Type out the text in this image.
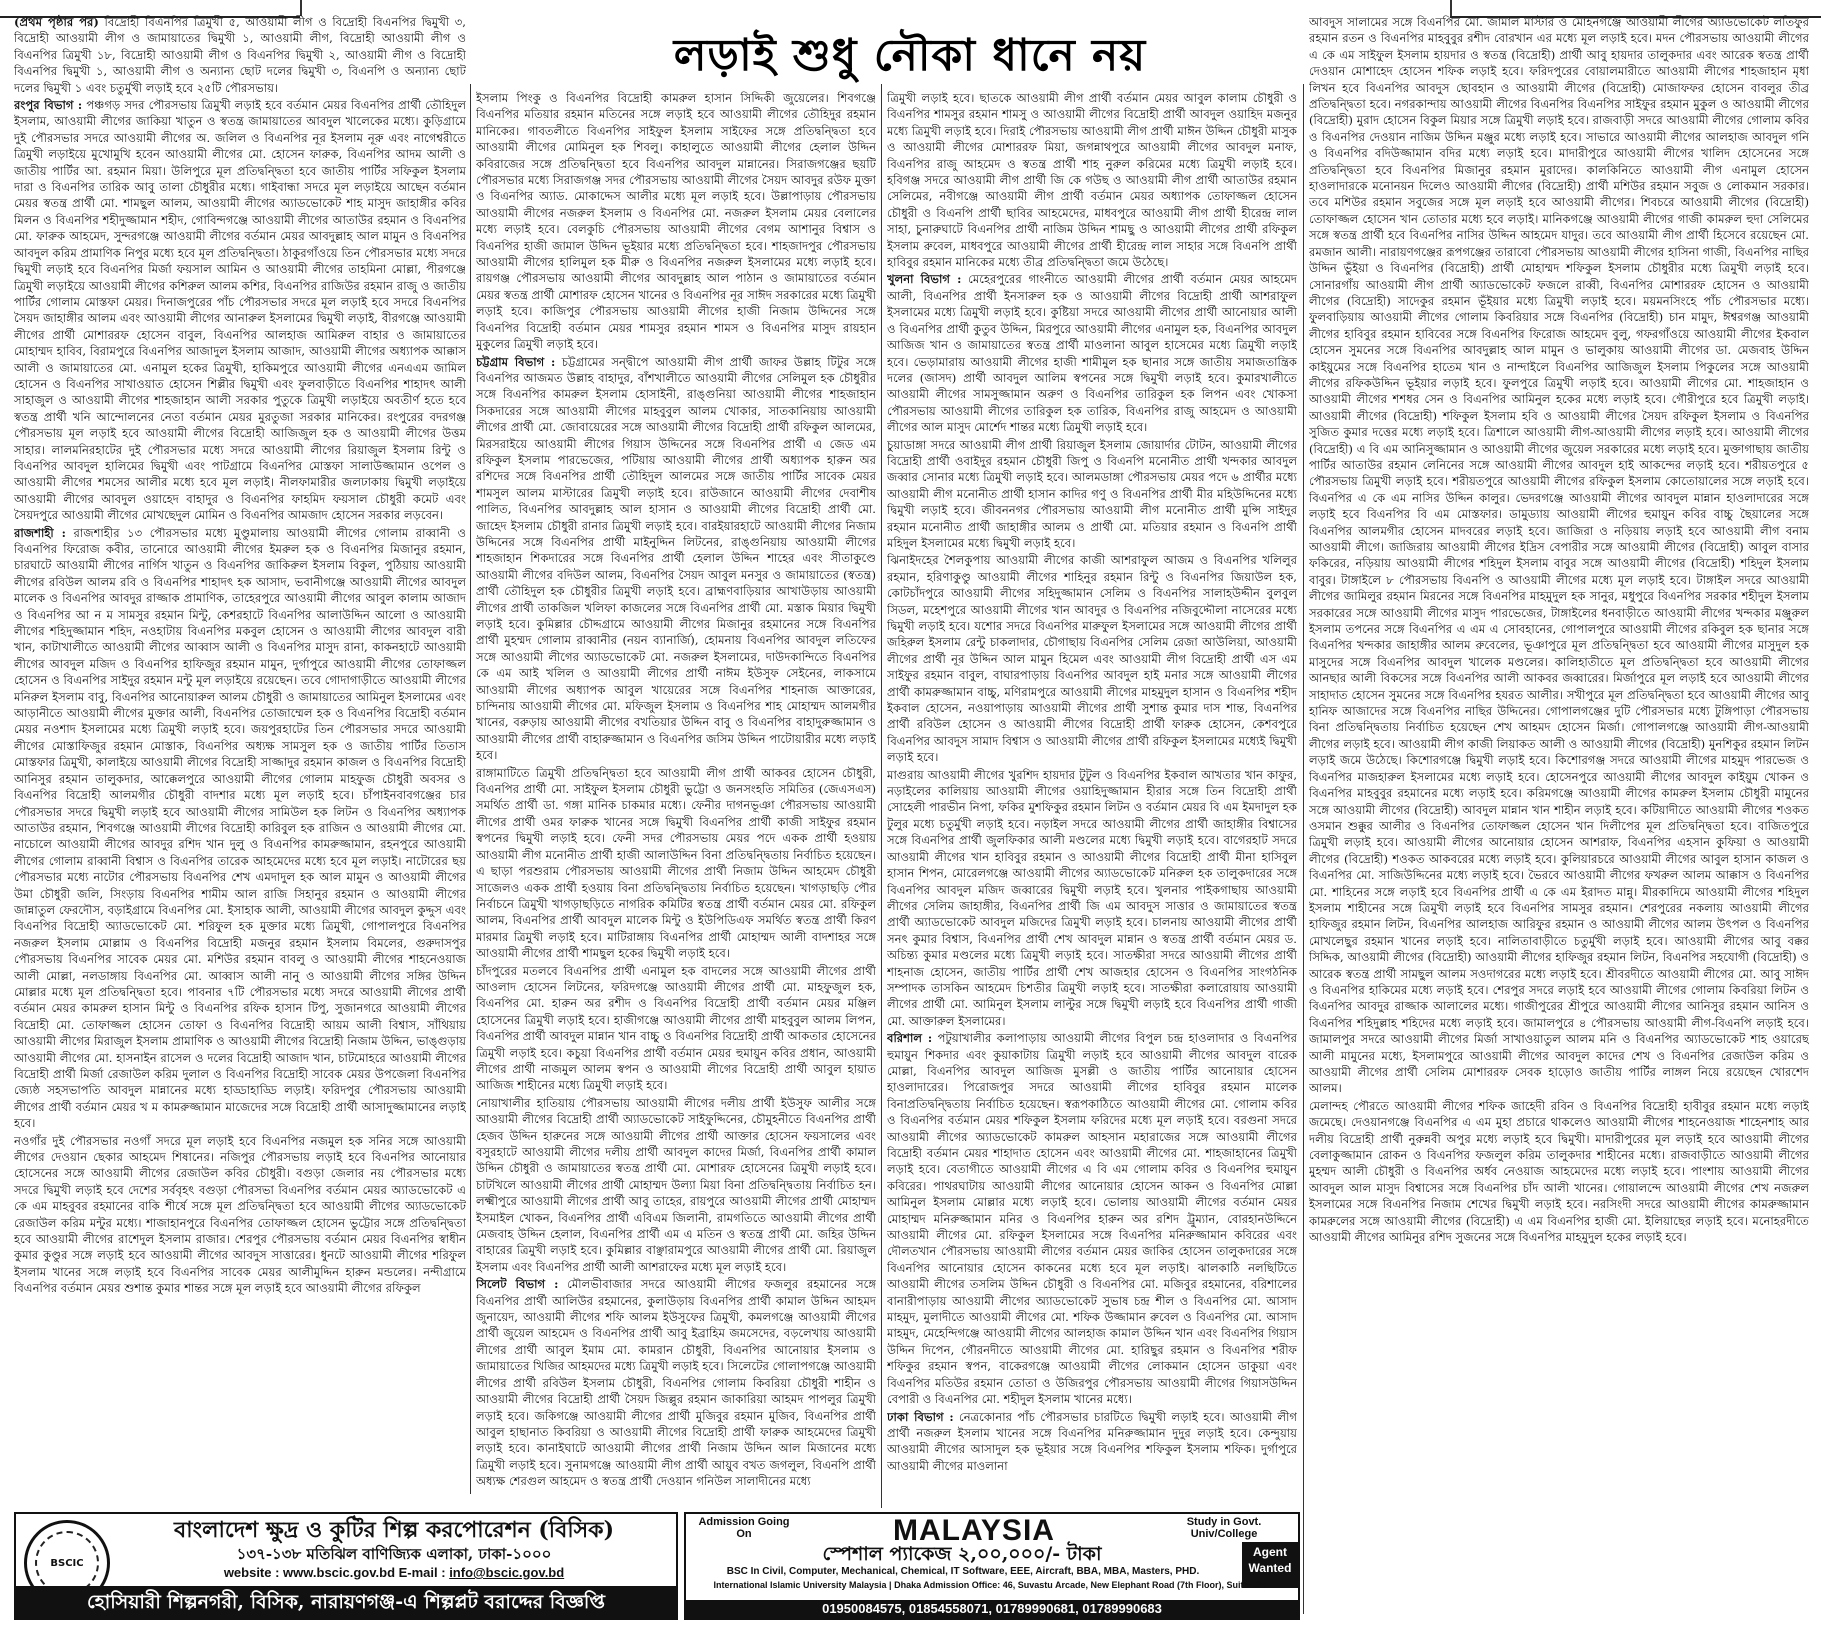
লড়াই শুধু নৌকা ধানে নয়

(প্রথম পৃষ্ঠার পর) বিদ্রোহী বিএনপির ত্রিমুখী ৫, আওয়ামী লীগ ও বিদ্রোহী বিএনপির দ্বিমুখী ৩, বিদ্রোহী আওয়ামী লীগ ও জামায়াতের দ্বিমুখী ১, আওয়ামী লীগ, বিদ্রোহী আওয়ামী লীগ ও বিএনপির ত্রিমুখী ১৮, বিদ্রোহী আওয়ামী লীগ ও বিএনপির দ্বিমুখী ২, আওয়ামী লীগ ও বিদ্রোহী বিএনপির দ্বিমুখী ১, আওয়ামী লীগ ও অন্যান্য ছোট দলের দ্বিমুখী ৩, বিএনপি ও অন্যান্য ছোট দলের দ্বিমুখী ১ এবং চতুর্মুখী লড়াই হবে ২৫টি পৌরসভায়।

রংপুর বিভাগ : পঞ্চগড় সদর পৌরসভায় ত্রিমুখী লড়াই হবে বর্তমান মেয়র বিএনপির প্রার্থী তৌহিদুল ইসলাম, আওয়ামী লীগের জাকিয়া খাতুন ও স্বতন্ত্র জামায়াতের আবদুল খালেকের মধ্যে। কুড়িগ্রামে দুই পৌরসভার সদরে আওয়ামী লীগের অ. জলিল ও বিএনপির নূর ইসলাম নূরু এবং নাগেশ্বরীতে ত্রিমুখী লড়াইয়ে মুখোমুখি হবেন আওয়ামী লীগের মো. হোসেন ফারুক, বিএনপির আদম আলী ও জাতীয় পার্টির আ. রহমান মিয়া। উলিপুরে মূল প্রতিদ্বন্দ্বিতা হবে জাতীয় পার্টির সফিকুল ইসলাম দারা ও বিএনপির তারিক আবু তালা চৌধুরীর মধ্যে। গাইবান্ধা সদরে মূল লড়াইয়ে আছেন বর্তমান মেয়র স্বতন্ত্র প্রার্থী মো. শামছুল আলম, আওয়ামী লীগের অ্যাডভোকেট শাহ মাসুদ জাহাঙ্গীর কবির মিলন ও বিএনপির শহীদুজ্জামান শহীদ, গোবিন্দগঞ্জে আওয়ামী লীগের আতাউর রহমান ও বিএনপির মো. ফারুক আহমেদ, সুন্দরগঞ্জে আওয়ামী লীগের বর্তমান মেয়র আবদুল্লাহ আল মামুন ও বিএনপির আবদুল করিম প্রামাণিক নিপুর মধ্যে হবে মূল প্রতিদ্বন্দ্বিতা। ঠাকুরগাঁওয়ে তিন পৌরসভার মধ্যে সদরে দ্বিমুখী লড়াই হবে বিএনপির মির্জা ফয়সাল আমিন ও আওয়ামী লীগের তাহমিনা মোল্লা, পীরগঞ্জে ত্রিমুখী লড়াইয়ে আওয়ামী লীগের কশিরুল আলম কশির, বিএনপির রাজিউর রহমান রাজু ও জাতীয় পার্টির গোলাম মোস্তফা মেয়র। দিনাজপুরের পাঁচ পৌরসভার সদরে মূল লড়াই হবে সদরে বিএনপির সৈয়দ জাহাঙ্গীর আলম এবং আওয়ামী লীগের আনারুল ইসলামের দ্বিমুখী লড়াই, বীরগঞ্জে আওয়ামী লীগের প্রার্থী মোশাররফ হোসেন বাবুল, বিএনপির আলহাজ আমিরুল বাহার ও জামায়াতের মোহাম্মদ হাবিব, বিরামপুরে বিএনপির আজাদুল ইসলাম আজাদ, আওয়ামী লীগের অধ্যাপক আক্কাস আলী ও জামায়াতের মো. এনামুল হকের ত্রিমুখী, হাকিমপুরে আওয়ামী লীগের এনএএম জামিল হোসেন ও বিএনপির সাখাওয়াত হোসেন শিল্লীর দ্বিমুখী এবং ফুলবাড়ীতে বিএনপির শাহাদৎ আলী সাহাজুল ও আওয়ামী লীগের শাহজাহান আলী সরকার পুতুকে ত্রিমুখী লড়াইয়ে অবতীর্ণ হতে হবে স্বতন্ত্র প্রার্থী খনি আন্দোলনের নেতা বর্তমান মেয়র মুরতুজা সরকার মানিকের। রংপুরের বদরগঞ্জ পৌরসভায় মূল লড়াই হবে আওয়ামী লীগের বিদ্রোহী আজিজুল হক ও আওয়ামী লীগের উত্তম সাহার। লালমনিরহাটের দুই পৌরসভার মধ্যে সদরে আওয়ামী লীগের রিয়াজুল ইসলাম রিন্টু ও বিএনপির আবদুল হালিমের দ্বিমুখী এবং পাটগ্রামে বিএনপির মোস্তফা সালাউজ্জামান ওপেল ও আওয়ামী লীগের শমসের আলীর মধ্যে হবে মূল লড়াই। নীলফামারীর জলঢাকায় দ্বিমুখী লড়াইয়ে আওয়ামী লীগের আবদুল ওয়াহেদ বাহাদুর ও বিএনপির ফাহমিদ ফয়সাল চৌধুরী কমেট এবং সৈয়দপুরে আওয়ামী লীগের মোখছেদুল মোমিন ও বিএনপির আমজাদ হোসেন সরকার লড়বেন।

রাজশাহী : রাজশাহীর ১৩ পৌরসভার মধ্যে মুণ্ডুমালায় আওয়ামী লীগের গোলাম রাব্বানী ও বিএনপির ফিরোজ কবীর, তানোরে আওয়ামী লীগের ইমরুল হক ও বিএনপির মিজানুর রহমান, চারঘাটে আওয়ামী লীগের নার্গিস খাতুন ও বিএনপির জাকিরুল ইসলাম বিকুল, পুঠিয়ায় আওয়ামী লীগের রবিউল আলম রবি ও বিএনপির শাহাদৎ হক আসাদ, ভবানীগঞ্জে আওয়ামী লীগের আবদুল মালেক ও বিএনপির আবদুর রাজ্জাক প্রামাণিক, তাহেরপুরে আওয়ামী লীগের আবুল কালাম আজাদ ও বিএনপির আ ন ম সামসুর রহমান মিন্টু, কেশরহাটে বিএনপির আলাউদ্দিন আলো ও আওয়ামী লীগের শহিদুজ্জামান শহিদ, নওহাটায় বিএনপির মকবুল হোসেন ও আওয়ামী লীগের আবদুল বারী খান, কাটাখালীতে আওয়ামী লীগের আব্বাস আলী ও বিএনপির মাসুদ রানা, কাকনহাটে আওয়ামী লীগের আবদুল মজিদ ও বিএনপির হাফিজুর রহমান মামুন, দুর্গাপুরে আওয়ামী লীগের তোফাজ্জল হোসেন ও বিএনপির সাইদুর রহমান মন্টু মূল লড়াইয়ে রয়েছেন। তবে গোদাগাড়ীতে আওয়ামী লীগের মনিরুল ইসলাম বাবু, বিএনপির আনোয়ারুল আলম চৌধুরী ও জামায়াতের আমিনুল ইসলামের এবং আড়ানীতে আওয়ামী লীগের মুক্তার আলী, বিএনপির তোজাম্মেল হক ও বিএনপির বিদ্রোহী বর্তমান মেয়র নওশাদ ইসলামের মধ্যে ত্রিমুখী লড়াই হবে। জয়পুরহাটের তিন পৌরসভার সদরে আওয়ামী লীগের মোস্তাফিজুর রহমান মোস্তাক, বিএনপির অধ্যক্ষ সামসুল হক ও জাতীয় পার্টির তিতাস মোস্তফার ত্রিমুখী, কালাইয়ে আওয়ামী লীগের বিদ্রোহী সাজ্জাদুর রহমান কাজল ও বিএনপির বিদ্রোহী আনিসুর রহমান তালুকদার, আক্কেলপুরে আওয়ামী লীগের গোলাম মাহফুজ চৌধুরী অবসর ও বিএনপির বিদ্রোহী আলমগীর চৌধুরী বাদশার মধ্যে মূল লড়াই হবে। চাঁপাইনবাবগঞ্জের চার পৌরসভার সদরে দ্বিমুখী লড়াই হবে আওয়ামী লীগের সামিউল হক লিটন ও বিএনপির অধ্যাপক আতাউর রহমান, শিবগঞ্জে আওয়ামী লীগের বিদ্রোহী কারিবুল হক রাজিন ও আওয়ামী লীগের মো. নাচোলে আওয়ামী লীগের আবদুর রশিদ খান দুলু ও বিএনপির কামরুজ্জামান, রহনপুরে আওয়ামী লীগের গোলাম রাব্বানী বিশ্বাস ও বিএনপির তারেক আহমেদের মধ্যে হবে মূল লড়াই। নাটোরের ছয় পৌরসভার মধ্যে নাটোর পৌরসভায় বিএনপির শেখ এমদাদুল হক আল মামুন ও আওয়ামী লীগের উমা চৌধুরী জলি, সিংড়ায় বিএনপির শামীম আল রাজি সিহানুর রহমান ও আওয়ামী লীগের জান্নাতুল ফেরদৌস, বড়াইগ্রামে বিএনপির মো. ইসাহাক আলী, আওয়ামী লীগের আবদুল কুদ্দুস এবং বিএনপির বিদ্রোহী অ্যাডভোকেট মো. শরিফুল হক মুক্তার মধ্যে ত্রিমুখী, গোপালপুরে বিএনপির নজরুল ইসলাম মোল্লাম ও বিএনপির বিদ্রোহী মজনুর রহমান ইসলাম বিমলের, গুরুদাসপুর পৌরসভায় বিএনপির সাবেক মেয়র মো. মশিউর রহমান বাবলু ও আওয়ামী লীগের শাহনেওয়াজ আলী মোল্লা, নলডাঙ্গায় বিএনপির মো. আব্বাস আলী নানু ও আওয়ামী লীগের সঙ্গির উদ্দিন মোল্লার মধ্যে মূল প্রতিদ্বন্দ্বিতা হবে। পাবনার ৭টি পৌরসভার মধ্যে সদরে আওয়ামী লীগের প্রার্থী বর্তমান মেয়র কামরুল হাসান মিন্টু ও বিএনপির রফিক হাসান টিপু, সুজানগরে আওয়ামী লীগের বিদ্রোহী মো. তোফাজ্জল হোসেন তোফা ও বিএনপির বিদ্রোহী আয়ম আলী বিশ্বাস, সাঁথিয়ায় আওয়ামী লীগের মিরাজুল ইসলাম প্রামাণিক ও আওয়ামী লীগের বিদ্রোহী নিজাম উদ্দিন, ভাঙ্গুড়ায় আওয়ামী লীগের মো. হাসনাইন রাসেল ও দলের বিদ্রোহী আজাদ খান, চাটমোহরে আওয়ামী লীগের বিদ্রোহী প্রার্থী মির্জা রেজাউল করিম দুলাল ও বিএনপির বিদ্রোহী সাবেক মেয়র উপজেলা বিএনপির জ্যেষ্ঠ সহসভাপতি আবদুল মান্নানের মধ্যে হাড্ডাহাড্ডি লড়াই। ফরিদপুর পৌরসভায় আওয়ামী লীগের প্রার্থী বর্তমান মেয়র খ ম কামরুজ্জামান মাজেদের সঙ্গে বিদ্রোহী প্রার্থী আসাদুজ্জামানের লড়াই হবে।

নওগাঁর দুই পৌরসভার নওগাঁ সদরে মূল লড়াই হবে বিএনপির নজমুল হক সনির সঙ্গে আওয়ামী লীগের দেওয়ান ছেকার আহমেদ শিষানের। নজিপুর পৌরসভায় লড়াই হবে বিএনপির আনোয়ার হোসেনের সঙ্গে আওয়ামী লীগের রেজাউল কবির চৌধুরী। বগুড়া জেলার নয় পৌরসভার মধ্যে সদরে দ্বিমুখী লড়াই হবে দেশের সর্ববৃহৎ বগুড়া পৌরসভা বিএনপির বর্তমান মেয়র অ্যাডভোকেট এ কে এম মাহবুবর রহমানের বাকি শীর্ষে সঙ্গে মূল প্রতিদ্বন্দ্বিতা হবে আওয়ামী লীগের অ্যাডভোকেট রেজাউল করিম মন্টুর মধ্যে। শাজাহানপুরে বিএনপির তোফাজ্জল হোসেন ভুট্টোর সঙ্গে প্রতিদ্বন্দ্বিতা হবে আওয়ামী লীগের রাশেদুল ইসলাম রাজার। শেরপুর পৌরসভায় বর্তমান মেয়র বিএনপির স্বাধীন কুমার কুণ্ডুর সঙ্গে লড়াই হবে আওয়ামী লীগের আবদুস সাত্তারের। ধুনটে আওয়ামী লীগের শরিফুল ইসলাম খানের সঙ্গে লড়াই হবে বিএনপির সাবেক মেয়র আলীমুদ্দিন হারুন মন্ডলের। নন্দীগ্রামে বিএনপির বর্তমান মেয়র শুশান্ত কুমার শান্তর সঙ্গে মূল লড়াই হবে আওয়ামী লীগের রফিকুল

ইসলাম পিংকু ও বিএনপির বিদ্রোহী কামরুল হাসান সিদ্দিকী জুয়েলের। শিবগঞ্জে বিএনপির মতিয়ার রহমান মতিনের সঙ্গে লড়াই হবে আওয়ামী লীগের তৌহিদুর রহমান মানিকের। গাবতলীতে বিএনপির সাইফুল ইসলাম সাইফের সঙ্গে প্রতিদ্বন্দ্বিতা হবে আওয়ামী লীগের মোমিনুল হক শিবলু। কাহালুতে আওয়ামী লীগের হেলাল উদ্দিন কবিরাজের সঙ্গে প্রতিদ্বন্দ্বিতা হবে বিএনপির আবদুল মান্নানের। সিরাজগঞ্জের ছয়টি পৌরসভার মধ্যে সিরাজগঞ্জ সদর পৌরসভায় আওয়ামী লীগের সৈয়দ আবদুর রউফ মুক্তা ও বিএনপির অ্যাড. মোকাদ্দেস আলীর মধ্যে মূল লড়াই হবে। উল্লাপাড়ায় পৌরসভায় আওয়ামী লীগের নজরুল ইসলাম ও বিএনপির মো. নজরুল ইসলাম মেয়র বেলালের মধ্যে লড়াই হবে। বেলকুচি পৌরসভায় আওয়ামী লীগের বেগম আশানুর বিশ্বাস ও বিএনপির হাজী জামাল উদ্দিন ভূইয়ার মধ্যে প্রতিদ্বন্দ্বিতা হবে। শাহজাদপুর পৌরসভায় আওয়ামী লীগের হালিমুল হক মীরু ও বিএনপির নজরুল ইসলামের মধ্যে লড়াই হবে। রায়গঞ্জ পৌরসভায় আওয়ামী লীগের আবদুল্লাহ আল পাঠান ও জামায়াতের বর্তমান মেয়র স্বতন্ত্র প্রার্থী মোশারফ হোসেন খানের ও বিএনপির নূর সাঈদ সরকারের মধ্যে ত্রিমুখী লড়াই হবে। কাজিপুর পৌরসভায় আওয়ামী লীগের হাজী নিজাম উদ্দিনের সঙ্গে বিএনপির বিদ্রোহী বর্তমান মেয়র শামসুর রহমান শামস ও বিএনপির মাসুদ রায়হান মুকুলের ত্রিমুখী লড়াই হবে।

চট্টগ্রাম বিভাগ : চট্টগ্রামের সন্দ্বীপে আওয়ামী লীগ প্রার্থী জাফর উল্লাহ টিটুর সঙ্গে বিএনপির আজমত উল্লাহ বাহাদুর, বাঁশখালীতে আওয়ামী লীগের সেলিমুল হক চৌধুরীর সঙ্গে বিএনপির কামরুল ইসলাম হোসাইনী, রাঙ্গুনিয়া আওয়ামী লীগের শাহজাহান সিকদারের সঙ্গে আওয়ামী লীগের মাহবুবুল আলম খোকার, সাতকানিয়ায় আওয়ামী লীগের প্রার্থী মো. জোবায়েরের সঙ্গে আওয়ামী লীগের বিদ্রোহী প্রার্থী রফিকুল আলমের, মিরসরাইয়ে আওয়ামী লীগের গিয়াস উদ্দিনের সঙ্গে বিএনপির প্রার্থী এ জেড এম রফিকুল ইসলাম পারভেজের, পটিয়ায় আওয়ামী লীগের প্রার্থী অধ্যাপক হারুন অর রশিদের সঙ্গে বিএনপির প্রার্থী তৌহিদুল আলমের সঙ্গে জাতীয় পার্টির সাবেক মেয়র শামসুল আলম মাস্টারের ত্রিমুখী লড়াই হবে। রাউজানে আওয়ামী লীগের দেবাশীষ পালিত, বিএনপির আবদুল্লাহ আল হাসান ও আওয়ামী লীগের বিদ্রোহী প্রার্থী মো. জাহেদ ইসলাম চৌধুরী রানার ত্রিমুখী লড়াই হবে। বারইয়ারহাটে আওয়ামী লীগের নিজাম উদ্দিনের সঙ্গে বিএনপির প্রার্থী মাইনুদ্দিন লিটনের, রাঙ্গুনিয়ায় আওয়ামী লীগের শাহজাহান শিকদারের সঙ্গে বিএনপির প্রার্থী হেলাল উদ্দিন শাহের এবং সীতাকুণ্ডে আওয়ামী লীগের বদিউল আলম, বিএনপির সৈয়দ আবুল মনসুর ও জামায়াতের (স্বতন্ত্র) প্রার্থী তৌহিদুল হক চৌধুরীর ত্রিমুখী লড়াই হবে। ব্রাহ্মণবাড়িয়ার আখাউড়ায় আওয়ামী লীগের প্রার্থী তাকজিল খলিফা কাজলের সঙ্গে বিএনপির প্রার্থী মো. মস্তাক মিয়ার দ্বিমুখী লড়াই হবে। কুমিল্লার চৌদ্দগ্রামে আওয়ামী লীগের মিজানুর রহমানের সঙ্গে বিএনপির প্রার্থী মুহম্মদ গোলাম রাব্বানীর (নয়ন ব্যানার্জি), হোমনায় বিএনপির আবদুল লতিফের সঙ্গে আওয়ামী লীগের অ্যাডভোকেট মো. নজরুল ইসলামের, দাউদকান্দিতে বিএনপির কে এম আই খলিল ও আওয়ামী লীগের প্রার্থী নাঈম ইউসুফ সেইনের, লাকসামে আওয়ামী লীগের অধ্যাপক আবুল খায়েরের সঙ্গে বিএনপির শাহনাজ আক্তারের, চান্দিনায় আওয়ামী লীগের মো. মফিজুল ইসলাম ও বিএনপির শাহ মোহাম্মদ আলমগীর খানের, বরুড়ায় আওয়ামী লীগের বখতিয়ার উদ্দিন বাবু ও বিএনপির বাহাদুরুজ্জামান ও আওয়ামী লীগের প্রার্থী বাহারুজ্জামান ও বিএনপির জসিম উদ্দিন পাটোয়ারীর মধ্যে লড়াই হবে।

রাঙ্গামাটিতে ত্রিমুখী প্রতিদ্বন্দ্বিতা হবে আওয়ামী লীগ প্রার্থী আকবর হোসেন চৌধুরী, বিএনপির প্রার্থী মো. সাইফুল ইসলাম চৌধুরী ভুট্টো ও জনসংহতি সমিতির (জেএসএস) সমর্থিত প্রার্থী ডা. গঙ্গা মানিক চাকমার মধ্যে। ফেনীর দাগনভূঞা পৌরসভায় আওয়ামী লীগের প্রার্থী ওমর ফারুক খানের সঙ্গে দ্বিমুখী বিএনপির প্রার্থী কাজী সাইফুর রহমান স্বপনের দ্বিমুখী লড়াই হবে। ফেনী সদর পৌরসভায় মেয়র পদে একক প্রার্থী হওয়ায় আওয়ামী লীগ মনোনীত প্রার্থী হাজী আলাউদ্দিন বিনা প্রতিদ্বন্দ্বিতায় নির্বাচিত হয়েছেন। এ ছাড়া পরশুরাম পৌরসভায় আওয়ামী লীগের প্রার্থী নিজাম উদ্দিন আহমেদ চৌধুরী সাজেলও একক প্রার্থী হওয়ায় বিনা প্রতিদ্বন্দ্বিতায় নির্বাচিত হয়েছেন। খাগড়াছড়ি পৌর নির্বাচনে ত্রিমুখী খাগড়াছড়িতে নাগরিক কমিটির স্বতন্ত্র প্রার্থী বর্তমান মেয়র মো. রফিকুল আলম, বিএনপির প্রার্থী আবদুল মালেক মিন্টু ও ইউপিডিএফ সমর্থিত স্বতন্ত্র প্রার্থী কিরণ মারমার ত্রিমুখী লড়াই হবে। মাটিরাঙ্গায় বিএনপির প্রার্থী মোহাম্মদ আলী বাদশাহর সঙ্গে আওয়ামী লীগের প্রার্থী শামছুল হকের দ্বিমুখী লড়াই হবে।

চাঁদপুরের মতলবে বিএনপির প্রার্থী এনামুল হক বাদলের সঙ্গে আওয়ামী লীগের প্রার্থী আওলাদ হোসেন লিটনের, ফরিদগঞ্জে আওয়ামী লীগের প্রার্থী মো. মাহফুজুল হক, বিএনপির মো. হারুন অর রশীদ ও বিএনপির বিদ্রোহী প্রার্থী বর্তমান মেয়র মঞ্জিল হোসেনের ত্রিমুখী লড়াই হবে। হাজীগঞ্জে আওয়ামী লীগের প্রার্থী মাহবুবুল আলম লিপন, বিএনপির প্রার্থী আবদুল মান্নান খান বাচ্চু ও বিএনপির বিদ্রোহী প্রার্থী আকতার হোসেনের ত্রিমুখী লড়াই হবে। কচুয়া বিএনপির প্রার্থী বর্তমান মেয়র হুমায়ুন কবির প্রধান, আওয়ামী লীগের প্রার্থী নাজমুল আলম স্বপন ও আওয়ামী লীগের বিদ্রোহী প্রার্থী আবুল হায়াত আজিজ শাহীনের মধ্যে ত্রিমুখী লড়াই হবে।

নোয়াখালীর হাতিয়ায় পৌরসভায় আওয়ামী লীগের দলীয় প্রার্থী ইউসুফ আলীর সঙ্গে আওয়ামী লীগের বিদ্রোহী প্রার্থী অ্যাডভোকেট সাইফুদ্দিনের, চৌমুহনীতে বিএনপির প্রার্থী হেজব উদ্দিন হারুনের সঙ্গে আওয়ামী লীগের প্রার্থী আক্তার হোসেন ফয়সালের এবং বসুরহাটে আওয়ামী লীগের দলীয় প্রার্থী আবদুল কাদের মির্জা, বিএনপির প্রার্থী কামাল উদ্দিন চৌধুরী ও জামায়াতের স্বতন্ত্র প্রার্থী মো. মোশারফ হোসেনের ত্রিমুখী লড়াই হবে। চাটখিলে আওয়ামী লীগের প্রার্থী মোহাম্মদ উল্যা মিয়া বিনা প্রতিদ্বন্দ্বিতায় নির্বাচিত হন। লক্ষ্মীপুরে আওয়ামী লীগের প্রার্থী আবু তাহের, রায়পুরে আওয়ামী লীগের প্রার্থী মোহাম্মদ ইসমাইল খোকন, বিএনপির প্রার্থী এবিএম জিলানী, রামগতিতে আওয়ামী লীগের প্রার্থী মেজবাহ উদ্দিন হেলাল, বিএনপির প্রার্থী এম এ মতিন ও স্বতন্ত্র প্রার্থী মো. জহির উদ্দিন বাহারের ত্রিমুখী লড়াই হবে। কুমিল্লার বাঞ্ছারামপুরে আওয়ামী লীগের প্রার্থী মো. রিয়াজুল ইসলাম এবং বিএনপির প্রার্থী আলী আশরাফের মধ্যে মূল লড়াই হবে।

সিলেট বিভাগ : মৌলভীবাজার সদরে আওয়ামী লীগের ফজলুর রহমানের সঙ্গে বিএনপির প্রার্থী আলিউর রহমানের, কুলাউড়ায় বিএনপির প্রার্থী কামাল উদ্দিন আহমদ জুনায়েদ, আওয়ামী লীগের শফি আলম ইউসুফের ত্রিমুখী, কমলগঞ্জে আওয়ামী লীগের প্রার্থী জুয়েল আহমেদ ও বিএনপির প্রার্থী আবু ইব্রাহিম জমসেদের, বড়লেখায় আওয়ামী লীগের প্রার্থী আবুল ইমাম মো. কামরান চৌধুরী, বিএনপির আনোয়ার ইসলাম ও জামায়াতের খিজির আহমদের মধ্যে ত্রিমুখী লড়াই হবে। সিলেটের গোলাপগঞ্জে আওয়ামী লীগের প্রার্থী রবিউল ইসলাম চৌধুরী, বিএনপির গোলাম কিবরিয়া চৌধুরী শাহীন ও আওয়ামী লীগের বিদ্রোহী প্রার্থী সৈয়দ জিল্লুর রহমান জাকারিয়া আহমদ পাপলুর ত্রিমুখী লড়াই হবে। জকিগঞ্জে আওয়ামী লীগের প্রার্থী মুজিবুর রহমান মুজিব, বিএনপির প্রার্থী আবুল হাছানাত কিবরিয়া ও আওয়ামী লীগের বিদ্রোহী প্রার্থী ফারুক আহমেদের ত্রিমুখী লড়াই হবে। কানাইঘাটে আওয়ামী লীগের প্রার্থী নিজাম উদ্দিন আল মিজানের মধ্যে ত্রিমুখী লড়াই হবে। সুনামগঞ্জে আওয়ামী লীগ প্রার্থী আয়ুব বখত জগলুল, বিএনপি প্রার্থী অধ্যক্ষ শেরগুল আহমেদ ও স্বতন্ত্র প্রার্থী দেওয়ান গনিউল সালাদীনের মধ্যে

ত্রিমুখী লড়াই হবে। ছাতকে আওয়ামী লীগ প্রার্থী বর্তমান মেয়র আবুল কালাম চৌধুরী ও বিএনপির শামসুর রহমান শামসু ও আওয়ামী লীগের বিদ্রোহী প্রার্থী আবদুল ওয়াহিদ মজনুর মধ্যে ত্রিমুখী লড়াই হবে। দিরাই পৌরসভায় আওয়ামী লীগ প্রার্থী মাঈন উদ্দিন চৌধুরী মাসুক ও আওয়ামী লীগের মোশাররফ মিয়া, জগন্নাথপুরে আওয়ামী লীগের আবদুল মনাফ, বিএনপির রাজু আহমেদ ও স্বতন্ত্র প্রার্থী শাহ নুরুল করিমের মধ্যে ত্রিমুখী লড়াই হবে। হবিগঞ্জ সদরে আওয়ামী লীগ প্রার্থী জি কে গউছ ও আওয়ামী লীগ প্রার্থী আতাউর রহমান সেলিমের, নবীগঞ্জে আওয়ামী লীগ প্রার্থী বর্তমান মেয়র অধ্যাপক তোফাজ্জল হোসেন চৌধুরী ও বিএনপি প্রার্থী ছাবির আহমেদের, মাধবপুরে আওয়ামী লীগ প্রার্থী হীরেন্দ্র লাল সাহা, চুনারুঘাটে বিএনপির প্রার্থী নাজিম উদ্দিন শামছু ও আওয়ামী লীগের প্রার্থী রফিকুল ইসলাম রুবেল, মাধবপুরে আওয়ামী লীগের প্রার্থী হীরেন্দ্র লাল সাহার সঙ্গে বিএনপি প্রার্থী হাবিবুর রহমান মানিকের মধ্যে তীব্র প্রতিদ্বন্দ্বিতা জমে উঠেছে।

খুলনা বিভাগ : মেহেরপুরের গাংনীতে আওয়ামী লীগের প্রার্থী বর্তমান মেয়র আহমেদ আলী, বিএনপির প্রার্থী ইনসারুল হক ও আওয়ামী লীগের বিদ্রোহী প্রার্থী আশরাফুল ইসলামের মধ্যে ত্রিমুখী লড়াই হবে। কুষ্টিয়া সদরে আওয়ামী লীগের প্রার্থী আনোয়ার আলী ও বিএনপির প্রার্থী কুতুব উদ্দিন, মিরপুরে আওয়ামী লীগের এনামুল হক, বিএনপির আবদুল আজিজ খান ও জামায়াতের স্বতন্ত্র প্রার্থী মাওলানা আবুল হাসেমের মধ্যে ত্রিমুখী লড়াই হবে। ভেড়ামারায় আওয়ামী লীগের হাজী শামীমুল হক ছানার সঙ্গে জাতীয় সমাজতান্ত্রিক দলের (জাসদ) প্রার্থী আবদুল আলিম স্বপনের সঙ্গে দ্বিমুখী লড়াই হবে। কুমারখালীতে আওয়ামী লীগের সামসুজ্জামান অরুণ ও বিএনপির তারিকুল হক লিপন এবং খোকসা পৌরসভায় আওয়ামী লীগের তারিকুল হক তারিক, বিএনপির রাজু আহমেদ ও আওয়ামী লীগের আল মাসুদ মোর্শেদ শান্তর মধ্যে ত্রিমুখী লড়াই হবে।

চুয়াডাঙ্গা সদরে আওয়ামী লীগ প্রার্থী রিয়াজুল ইসলাম জোয়ার্দার টোটন, আওয়ামী লীগের বিদ্রোহী প্রার্থী ওবাইদুর রহমান চৌধুরী জিপু ও বিএনপি মনোনীত প্রার্থী খন্দকার আবদুল জব্বার সোনার মধ্যে ত্রিমুখী লড়াই হবে। আলমডাঙ্গা পৌরসভায় মেয়র পদে ৬ প্রার্থীর মধ্যে আওয়ামী লীগ মনোনীত প্রার্থী হাসান কাদির গণু ও বিএনপির প্রার্থী মীর মহিউদ্দিনের মধ্যে দ্বিমুখী লড়াই হবে। জীবননগর পৌরসভায় আওয়ামী লীগ মনোনীত প্রার্থী মুন্সি সাইদুর রহমান মনোনীত প্রার্থী জাহাঙ্গীর আলম ও প্রার্থী মো. মতিয়ার রহমান ও বিএনপি প্রার্থী মহিদুল ইসলামের মধ্যে দ্বিমুখী লড়াই হবে।

ঝিনাইদহের শৈলকুপায় আওয়ামী লীগের কাজী আশরাফুল আজম ও বিএনপির খলিলুর রহমান, হরিণাকুণ্ডু আওয়ামী লীগের শাহিনুর রহমান রিন্টু ও বিএনপির জিয়াউল হক, কোটচাঁদপুরে আওয়ামী লীগের সহিদুজ্জামান সেলিম ও বিএনপির সালাহউদ্দীন বুলবুল সিডল, মহেশপুরে আওয়ামী লীগের খান আবদুর ও বিএনপির নজিবুদ্দৌলা নাসেরের মধ্যে দ্বিমুখী লড়াই হবে। যশোর সদরে বিএনপির মারুফুল ইসলামের সঙ্গে আওয়ামী লীগের প্রার্থী জহিরুল ইসলাম রেন্টু চাকলাদার, চৌগাছায় বিএনপির সেলিম রেজা আউলিয়া, আওয়ামী লীগের প্রার্থী নূর উদ্দিন আল মামুন হিমেল এবং আওয়ামী লীগ বিদ্রোহী প্রার্থী এস এম সাইফুর রহমান বাবুল, বাঘারপাড়ায় বিএনপির আবদুল হাই মনার সঙ্গে আওয়ামী লীগের প্রার্থী কামরুজ্জামান বাচ্চু, মণিরামপুরে আওয়ামী লীগের মাহমুদুল হাসান ও বিএনপির শহীদ ইকবাল হোসেন, নওয়াপাড়ায় আওয়ামী লীগের প্রার্থী সুশান্ত কুমার দাস শান্ত, বিএনপির প্রার্থী রবিউল হোসেন ও আওয়ামী লীগের বিদ্রোহী প্রার্থী ফারুক হোসেন, কেশবপুরে বিএনপির আবদুস সামাদ বিশ্বাস ও আওয়ামী লীগের প্রার্থী রফিকুল ইসলামের মধ্যেই দ্বিমুখী লড়াই হবে।

মাগুরায় আওয়ামী লীগের খুরশিদ হায়দার টুটুল ও বিএনপির ইকবাল আখতার খান কাফুর, নড়াইলের কালিয়ায় আওয়ামী লীগের ওয়াহিদুজ্জামান হীরার সঙ্গে তিন বিদ্রোহী প্রার্থী সোহেলী পারভীন নিপা, ফকির মুশফিকুর রহমান লিটন ও বর্তমান মেয়র বি এম ইমদাদুল হক টুলুর মধ্যে চতুর্মুখী লড়াই হবে। নড়াইল সদরে আওয়ামী লীগের প্রার্থী জাহাঙ্গীর বিশ্বাসের সঙ্গে বিএনপির প্রার্থী জুলফিকার আলী মণ্ডলের মধ্যে দ্বিমুখী লড়াই হবে। বাগেরহাট সদরে আওয়ামী লীগের খান হাবিবুর রহমান ও আওয়ামী লীগের বিদ্রোহী প্রার্থী মীনা হাসিবুল হাসান শিপন, মোরেলগঞ্জে আওয়ামী লীগের অ্যাডভোকেট মনিরুল হক তালুকদারের সঙ্গে বিএনপির আবদুল মজিদ জব্বারের দ্বিমুখী লড়াই হবে। খুলনার পাইকগাছায় আওয়ামী লীগের সেলিম জাহাঙ্গীর, বিএনপির প্রার্থী জি এম আবদুস সাত্তার ও জামায়াতের স্বতন্ত্র প্রার্থী অ্যাডভোকেট আবদুল মজিদের ত্রিমুখী লড়াই হবে। চালনায় আওয়ামী লীগের প্রার্থী সনৎ কুমার বিশ্বাস, বিএনপির প্রার্থী শেখ আবদুল মান্নান ও স্বতন্ত্র প্রার্থী বর্তমান মেয়র ড. অচিন্ত্য কুমার মণ্ডলের মধ্যে ত্রিমুখী লড়াই হবে। সাতক্ষীরা সদরে আওয়ামী লীগের প্রার্থী শাহনাজ হোসেন, জাতীয় পার্টির প্রার্থী শেখ আজহার হোসেন ও বিএনপির সাংগঠনিক সম্পাদক তাসকিন আহমেদ চিশতীর ত্রিমুখী লড়াই হবে। সাতক্ষীরা কলারোয়ায় আওয়ামী লীগের প্রার্থী মো. আমিনুল ইসলাম লাল্টুর সঙ্গে দ্বিমুখী লড়াই হবে বিএনপির প্রার্থী গাজী মো. আক্তারুল ইসলামের।

বরিশাল : পটুয়াখালীর কলাপাড়ায় আওয়ামী লীগের বিপুল চন্দ্র হাওলাদার ও বিএনপির হুমায়ুন শিকদার এবং কুয়াকাটায় ত্রিমুখী লড়াই হবে আওয়ামী লীগের আবদুল বারেক মোল্লা, বিএনপির আবদুল আজিজ মুসল্লী ও জাতীয় পার্টির আনোয়ার হোসেন হাওলাদারের। পিরোজপুর সদরে আওয়ামী লীগের হাবিবুর রহমান মালেক বিনাপ্রতিদ্বন্দ্বিতায় নির্বাচিত হয়েছেন। স্বরূপকাঠিতে আওয়ামী লীগের মো. গোলাম কবির ও বিএনপির বর্তমান মেয়র শফিকুল ইসলাম ফরিদের মধ্যে মূল লড়াই হবে। বরগুনা সদরে আওয়ামী লীগের অ্যাডভোকেট কামরুল আহসান মহারাজের সঙ্গে আওয়ামী লীগের বিদ্রোহী বর্তমান মেয়র শাহাদাত হোসেন এবং আওয়ামী লীগের মো. শাহজাহানের ত্রিমুখী লড়াই হবে। বেতাগীতে আওয়ামী লীগের এ বি এম গোলাম কবির ও বিএনপির হুমায়ুন কবিরের। পাথরঘাটায় আওয়ামী লীগের আনোয়ার হোসেন আকন ও বিএনপির মোল্লা আমিনুল ইসলাম মোল্লার মধ্যে লড়াই হবে। ভোলায় আওয়ামী লীগের বর্তমান মেয়র মোহাম্মদ মনিরুজ্জামান মনির ও বিএনপির হারুন অর রশিদ ট্রুম্যান, বোরহানউদ্দিনে আওয়ামী লীগের মো. রফিকুল ইসলামের সঙ্গে বিএনপির মনিরুজ্জামান কবিরের এবং দৌলতখান পৌরসভায় আওয়ামী লীগের বর্তমান মেয়র জাকির হোসেন তালুকদারের সঙ্গে বিএনপির আনোয়ার হোসেন কাকনের মধ্যে হবে মূল লড়াই। ঝালকাঠি নলছিটিতে আওয়ামী লীগের তসলিম উদ্দিন চৌধুরী ও বিএনপির মো. মজিবুর রহমানের, বরিশালের বানারীপাড়ায় আওয়ামী লীগের অ্যাডভোকেট সুভাষ চন্দ্র শীল ও বিএনপির মো. আসাদ মাহমুদ, মুলাদীতে আওয়ামী লীগের মো. শফিক উজ্জামান রুবেল ও বিএনপির মো. আসাদ মাহমুদ, মেহেন্দিগঞ্জে আওয়ামী লীগের আলহাজ কামাল উদ্দিন খান এবং বিএনপির গিয়াস উদ্দিন দিপেন, গৌরনদীতে আওয়ামী লীগের মো. হারিছুর রহমান ও বিএনপির শরীফ শফিকুর রহমান স্বপন, বাকেরগঞ্জে আওয়ামী লীগের লোকমান হোসেন ডাকুয়া এবং বিএনপির মতিউর রহমান তোতা ও উজিরপুর পৌরসভায় আওয়ামী লীগের গিয়াসউদ্দিন বেপারী ও বিএনপির মো. শহীদুল ইসলাম খানের মধ্যে।

ঢাকা বিভাগ : নেত্রকোনার পাঁচ পৌরসভার চারটিতে দ্বিমুখী লড়াই হবে। আওয়ামী লীগ প্রার্থী নজরুল ইসলাম খানের সঙ্গে বিএনপির মনিরুজ্জামান দুদুর লড়াই হবে। কেন্দুয়ায় আওয়ামী লীগের আসাদুল হক ভূইয়ার সঙ্গে বিএনপির শফিকুল ইসলাম শফিক। দুর্গাপুরে আওয়ামী লীগের মাওলানা

আবদুস সালামের সঙ্গে বিএনপির মো. জামাল মাস্টার ও মোহনগঞ্জে আওয়ামী লীগের অ্যাডভোকেট লতিফুর রহমান রতন ও বিএনপির মাহবুবুর রশীদ বোরখান এর মধ্যে মূল লড়াই হবে। মদন পৌরসভায় আওয়ামী লীগের এ কে এম সাইফুল ইসলাম হায়দার ও স্বতন্ত্র (বিদ্রোহী) প্রার্থী আবু হায়দার তালুকদার এবং আরেক স্বতন্ত্র প্রার্থী দেওয়ান মোশাহেদ হোসেন শফিক লড়াই হবে। ফরিদপুরের বোয়ালমারীতে আওয়ামী লীগের শাহজাহান মৃধা লিখন হবে বিএনপির আবদুস ছোবহান ও আওয়ামী লীগের (বিদ্রোহী) মোজাফফর হোসেন বাবলুর তীব্র প্রতিদ্বন্দ্বিতা হবে। নগরকান্দায় আওয়ামী লীগের বিএনপির বিএনপির সাইফুর রহমান মুকুল ও আওয়ামী লীগের (বিদ্রোহী) মুরাদ হোসেন বিকুল মিয়ার সঙ্গে ত্রিমুখী লড়াই হবে। রাজবাড়ী সদরে আওয়ামী লীগের গোলাম কবির ও বিএনপির দেওয়ান নাজিম উদ্দিন মঞ্জুর মধ্যে লড়াই হবে। সাভারে আওয়ামী লীগের আলহাজ আবদুল গনি ও বিএনপির বদিউজ্জামান বদির মধ্যে লড়াই হবে। মাদারীপুরে আওয়ামী লীগের খালিদ হোসেনের সঙ্গে প্রতিদ্বন্দ্বিতা হবে বিএনপির মিজানুর রহমান মুরাদের। কালকিনিতে আওয়ামী লীগ এনামুল হোসেন হাওলাদারকে মনোনয়ন দিলেও আওয়ামী লীগের (বিদ্রোহী) প্রার্থী মশিউর রহমান সবুজ ও লোকমান সরকার। তবে মশিউর রহমান সবুজের সঙ্গে মূল লড়াই হবে আওয়ামী লীগের। শিবচরে আওয়ামী লীগের (বিদ্রোহী) তোফাজ্জল হোসেন খান তোতার মধ্যে হবে লড়াই। মানিকগঞ্জে আওয়ামী লীগের গাজী কামরুল হুদা সেলিমের সঙ্গে স্বতন্ত্র প্রার্থী হবে বিএনপির নাসির উদ্দিন আহমেদ যাদুর। তবে আওয়ামী লীগ প্রার্থী হিসেবে রয়েছেন মো. রমজান আলী। নারায়ণগঞ্জের রূপগঞ্জের তারাবো পৌরসভায় আওয়ামী লীগের হাসিনা গাজী, বিএনপির নাছির উদ্দিন ভুঁইয়া ও বিএনপির (বিদ্রোহী) প্রার্থী মোহাম্মদ শফিকুল ইসলাম চৌধুরীর মধ্যে ত্রিমুখী লড়াই হবে। সোনারগাঁয় আওয়ামী লীগ প্রার্থী অ্যাডভোকেট ফজলে রাব্বী, বিএনপির মোশাররফ হোসেন ও আওয়ামী লীগের (বিদ্রোহী) সাদেকুর রহমান ভূঁইয়ার মধ্যে ত্রিমুখী লড়াই হবে। ময়মনসিংহে পাঁচ পৌরসভার মধ্যে। ফুলবাড়িয়ায় আওয়ামী লীগের গোলাম কিবরিয়ার সঙ্গে বিএনপির (বিদ্রোহী) চান মামুদ, ঈশ্বরগঞ্জ আওয়ামী লীগের হাবিবুর রহমান হাবিবের সঙ্গে বিএনপির ফিরোজ আহমেদ বুলু, গফরগাঁওয়ে আওয়ামী লীগের ইকবাল হোসেন সুমনের সঙ্গে বিএনপির আবদুল্লাহ আল মামুন ও ভালুকায় আওয়ামী লীগের ডা. মেজবাহ উদ্দিন কাইয়ুমের সঙ্গে বিএনপির হাতেম খান ও নান্দাইলে বিএনপির আজিজুল ইসলাম পিকুলের সঙ্গে আওয়ামী লীগের রফিকউদ্দিন ভূইয়ার লড়াই হবে। ফুলপুরে ত্রিমুখী লড়াই হবে। আওয়ামী লীগের মো. শাহজাহান ও আওয়ামী লীগের শশধর সেন ও বিএনপির আমিনুল হকের মধ্যে লড়াই হবে। গৌরীপুরে হবে ত্রিমুখী লড়াই। আওয়ামী লীগের (বিদ্রোহী) শফিকুল ইসলাম হবি ও আওয়ামী লীগের সৈয়দ রফিকুল ইসলাম ও বিএনপির সুজিত কুমার দত্তের মধ্যে লড়াই হবে। ত্রিশালে আওয়ামী লীগ-আওয়ামী লীগের লড়াই হবে। আওয়ামী লীগের (বিদ্রোহী) এ বি এম আনিসুজ্জামান ও আওয়ামী লীগের জুয়েল সরকারের মধ্যে লড়াই হবে। মুক্তাগাছায় জাতীয় পার্টির আতাউর রহমান লেনিনের সঙ্গে আওয়ামী লীগের আবদুল হাই আকন্দের লড়াই হবে। শরীয়তপুরে ৫ পৌরসভায় ত্রিমুখী লড়াই হবে। শরীয়তপুরে আওয়ামী লীগের রফিকুল ইসলাম কোতোয়ালের সঙ্গে লড়াই হবে। বিএনপির এ কে এম নাসির উদ্দিন কালুর। ভেদরগঞ্জে আওয়ামী লীগের আবদুল মান্নান হাওলাদারের সঙ্গে লড়াই হবে বিএনপির বি এম মোস্তফার। ডামুড্যায় আওয়ামী লীগের হুমায়ুন কবির বাচ্চু ছৈয়ালের সঙ্গে বিএনপির আলমগীর হোসেন মাদবরের লড়াই হবে। জাজিরা ও নড়িয়ায় লড়াই হবে আওয়ামী লীগ বনাম আওয়ামী লীগে। জাজিরায় আওয়ামী লীগের ইদ্রিস বেপারীর সঙ্গে আওয়ামী লীগের (বিদ্রোহী) আবুল বাসার ফকিরের, নড়িয়ায় আওয়ামী লীগের শহিদুল ইসলাম বাবুর সঙ্গে আওয়ামী লীগের (বিদ্রোহী) শহিদুল ইসলাম বাবুর। টাঙ্গাইলে ৮ পৌরসভায় বিএনপি ও আওয়ামী লীগের মধ্যে মূল লড়াই হবে। টাঙ্গাইল সদরে আওয়ামী লীগের জামিলুর রহমান মিরনের সঙ্গে বিএনপির মাহমুদুল হক সানুর, মধুপুরে বিএনপির সরকার শহীদুল ইসলাম সরকারের সঙ্গে আওয়ামী লীগের মাসুদ পারভেজের, টাঙ্গাইলের ধনবাড়ীতে আওয়ামী লীগের খন্দকার মঞ্জুরুল ইসলাম তপনের সঙ্গে বিএনপির এ এম এ সোবহানের, গোপালপুরে আওয়ামী লীগের রকিবুল হক ছানার সঙ্গে বিএনপির খন্দকার জাহাঙ্গীর আলম রুবেলের, ভূঞাপুরে মূল প্রতিদ্বন্দ্বিতা হবে আওয়ামী লীগের মাসুদুল হক মাসুদের সঙ্গে বিএনপির আবদুল খালেক মণ্ডলের। কালিহাতীতে মূল প্রতিদ্বন্দ্বিতা হবে আওয়ামী লীগের আনছার আলী বিকসের সঙ্গে বিএনপির আলী আকবর জব্বারের। মির্জাপুরে মূল লড়াই হবে আওয়ামী লীগের সাহাদাত হোসেন সুমনের সঙ্গে বিএনপির হযরত আলীর। সখীপুরে মূল প্রতিদ্বন্দ্বিতা হবে আওয়ামী লীগের আবু হানিফ আজাদের সঙ্গে বিএনপির নাছির উদ্দিনের। গোপালগঞ্জের দুটি পৌরসভার মধ্যে টুঙ্গিপাড়া পৌরসভায় বিনা প্রতিদ্বন্দ্বিতায় নির্বাচিত হয়েছেন শেখ আহমদ হোসেন মির্জা। গোপালগঞ্জে আওয়ামী লীগ-আওয়ামী লীগের লড়াই হবে। আওয়ামী লীগ কাজী লিয়াকত আলী ও আওয়ামী লীগের (বিদ্রোহী) মুনশিকুর রহমান লিটন লড়াই জমে উঠেছে। কিশোরগঞ্জে দ্বিমুখী লড়াই হবে। কিশোরগঞ্জ সদরে আওয়ামী লীগের মাহমুদ পারভেজ ও বিএনপির মাজহারুল ইসলামের মধ্যে লড়াই হবে। হোসেনপুরে আওয়ামী লীগের আবদুল কাইয়ুম খোকন ও বিএনপির মাহবুবুর রহমানের মধ্যে লড়াই হবে। করিমগঞ্জে আওয়ামী লীগের কামরুল ইসলাম চৌধুরী মামুনের সঙ্গে আওয়ামী লীগের (বিদ্রোহী) আবদুল মান্নান খান শাহীন লড়াই হবে। কটিয়াদীতে আওয়ামী লীগের শওকত ওসমান শুক্কুর আলীর ও বিএনপির তোফাজ্জল হোসেন খান দিলীপের মূল প্রতিদ্বন্দ্বিতা হবে। বাজিতপুরে ত্রিমুখী লড়াই হবে। আওয়ামী লীগের আনোয়ার হোসেন আশরাফ, বিএনপির এহসান কুফিয়া ও আওয়ামী লীগের (বিদ্রোহী) শওকত আকবরের মধ্যে লড়াই হবে। কুলিয়ারচরে আওয়ামী লীগের আবুল হাসান কাজল ও বিএনপির মো. সাজিউদ্দিনের মধ্যে লড়াই হবে। ভৈরবে আওয়ামী লীগের ফখরুল আলম আক্কাস ও বিএনপির মো. শাহিনের সঙ্গে লড়াই হবে বিএনপির প্রার্থী এ কে এম ইরাদত মান্নু। মীরকাদিমে আওয়ামী লীগের শহিদুল ইসলাম শাহীনের সঙ্গে ত্রিমুখী লড়াই হবে বিএনপির সামসুর রহমান। শেরপুরের নকলায় আওয়ামী লীগের হাফিজুর রহমান লিটন, বিএনপির আলহাজ আরিফুর রহমান ও আওয়ামী লীগের আলম উৎপল ও বিএনপির মোখলেছুর রহমান খানের লড়াই হবে। নালিতাবাড়ীতে চতুর্মুখী লড়াই হবে। আওয়ামী লীগের আবু বক্কর সিদ্দিক, আওয়ামী লীগের (বিদ্রোহী) আওয়ামী লীগের হাফিজুর রহমান লিটন, বিএনপির সহযোগী (বিদ্রোহী) ও আরেক স্বতন্ত্র প্রার্থী সামছুল আলম সওদাগরের মধ্যে লড়াই হবে। শ্রীবরদীতে আওয়ামী লীগের মো. আবু সাঈদ ও বিএনপির হাকিমের মধ্যে লড়াই হবে। শেরপুর সদরে লড়াই হবে আওয়ামী লীগের গোলাম কিবরিয়া লিটন ও বিএনপির আবদুর রাজ্জাক আলালের মধ্যে। গাজীপুরের শ্রীপুরে আওয়ামী লীগের আনিসুর রহমান আনিস ও বিএনপির শহিদুল্লাহ শহিদের মধ্যে লড়াই হবে। জামালপুরে ৪ পৌরসভায় আওয়ামী লীগ-বিএনপি লড়াই হবে। জামালপুর সদরে আওয়ামী লীগের মির্জা সাখাওয়াতুল আলম মনি ও বিএনপির অ্যাডভোকেট শাহ ওয়ারেছ আলী মামুনের মধ্যে, ইসলামপুরে আওয়ামী লীগের আবদুল কাদের শেখ ও বিএনপির রেজাউল করিম ও আওয়ামী লীগের প্রার্থী সেলিম মোশাররফ সেবক হাড়োও জাতীয় পার্টির লাঙ্গল নিয়ে রয়েছেন খোরশেদ আলম।

মেলান্দহ পৌরতে আওয়ামী লীগের শফিক জাহেদী রবিন ও বিএনপির বিদ্রোহী হাবীবুর রহমান মধ্যে লড়াই জমেছে। দেওয়ানগঞ্জে বিএনপির এ এম মুহা প্রচারে থাকলেও আওয়ামী লীগের শাহনেওয়াজ শাহেনশাহ আর দলীয় বিদ্রোহী প্রার্থী নুরুন্নবী অপুর মধ্যে লড়াই হবে দ্বিমুখী। মাদারীপুরের মূল লড়াই হবে আওয়ামী লীগের বেলাকুজ্জামান রোকন ও বিএনপির ফজলুল করিম তালুকদার শাহীনের মধ্যে। রাজবাড়ীতে আওয়ামী লীগের মুহম্মদ আলী চৌধুরী ও বিএনপির অর্ধব নেওয়াজ আহমেদের মধ্যে লড়াই হবে। পাংশায় আওয়ামী লীগের আবদুল আল মাসুদ বিশ্বাসের সঙ্গে বিএনপির চাঁদ আলী খানের। গোয়ালন্দে আওয়ামী লীগের শেখ নজরুল ইসলামের সঙ্গে বিএনপির নিজাম শেখের দ্বিমুখী লড়াই হবে। নরসিংদী সদরে আওয়ামী লীগের কামরুজ্জামান কামরুলের সঙ্গে আওয়ামী লীগের (বিদ্রোহী) এ এম বিএনপির হাজী মো. ইলিয়াছের লড়াই হবে। মনোহরদীতে আওয়ামী লীগের আমিনুর রশিদ সুজনের সঙ্গে বিএনপির মাহমুদুল হকের লড়াই হবে।

BSCIC
বাংলাদেশ ক্ষুদ্র ও কুটির শিল্প করপোরেশন (বিসিক)
১৩৭-১৩৮ মতিঝিল বাণিজ্যিক এলাকা, ঢাকা-১০০০
website : www.bscic.gov.bd E-mail : info@bscic.gov.bd
হোসিয়ারী শিল্পনগরী, বিসিক, নারায়ণগঞ্জ-এ শিল্পপ্লট বরাদ্দের বিজ্ঞপ্তি
Admission Going On	MALAYSIA	Study in Govt. Univ/College
স্পেশাল প্যাকেজ ২,০০,০০০/- টাকা	Agent Wanted
BSC In Civil, Computer, Mechanical, Chemical, IT Software, EEE, Aircraft, BBA, MBA, Masters, PHD.
International Islamic University Malaysia | Dhaka Admission Office: 46, Suvastu Arcade, New Elephant Road (7th Floor), Suite-727
01950084575, 01854558071, 01789990681, 01789990683
